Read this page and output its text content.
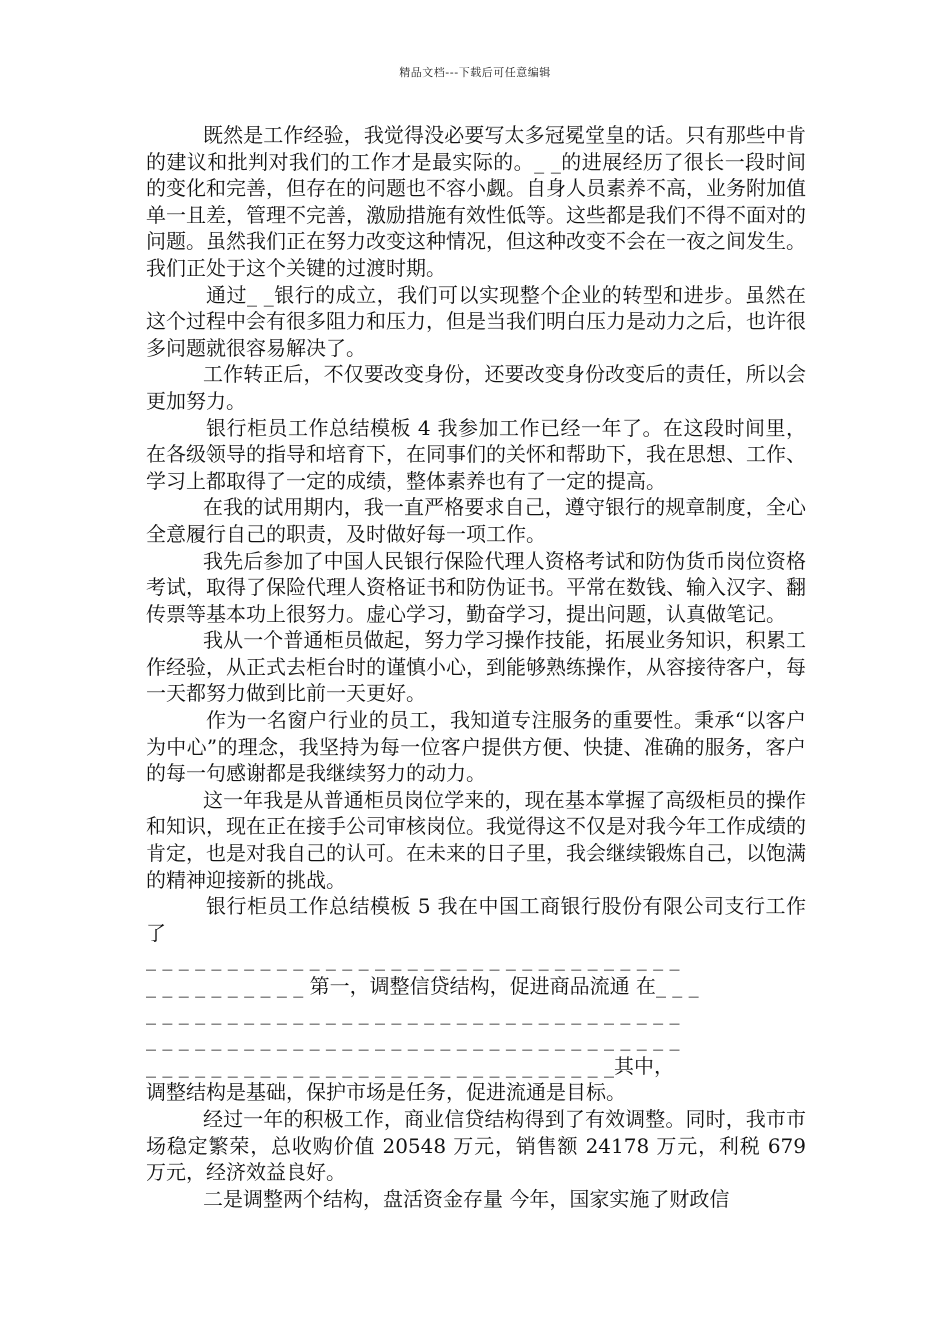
精品文档---下载后可任意编辑

既然是工作经验，我觉得没必要写太多冠冕堂皇的话。只有那些中肯的建议和批判对我们的工作才是最实际的。_ _的进展经历了很长一段时间的变化和完善，但存在的问题也不容小觑。自身人员素养不高，业务附加值单一且差，管理不完善，激励措施有效性低等。这些都是我们不得不面对的问题。虽然我们正在努力改变这种情况，但这种改变不会在一夜之间发生。我们正处于这个关键的过渡时期。

通过_ _银行的成立，我们可以实现整个企业的转型和进步。虽然在这个过程中会有很多阻力和压力，但是当我们明白压力是动力之后，也许很多问题就很容易解决了。

工作转正后，不仅要改变身份，还要改变身份改变后的责任，所以会更加努力。

银行柜员工作总结模板 4 我参加工作已经一年了。在这段时间里，在各级领导的指导和培育下，在同事们的关怀和帮助下，我在思想、工作、学习上都取得了一定的成绩，整体素养也有了一定的提高。

在我的试用期内，我一直严格要求自己，遵守银行的规章制度，全心全意履行自己的职责，及时做好每一项工作。

我先后参加了中国人民银行保险代理人资格考试和防伪货币岗位资格考试，取得了保险代理人资格证书和防伪证书。平常在数钱、输入汉字、翻传票等基本功上很努力。虚心学习，勤奋学习，提出问题，认真做笔记。

我从一个普通柜员做起，努力学习操作技能，拓展业务知识，积累工作经验，从正式去柜台时的谨慎小心，到能够熟练操作，从容接待客户，每一天都努力做到比前一天更好。

作为一名窗户行业的员工，我知道专注服务的重要性。秉承“以客户为中心”的理念，我坚持为每一位客户提供方便、快捷、准确的服务，客户的每一句感谢都是我继续努力的动力。

这一年我是从普通柜员岗位学来的，现在基本掌握了高级柜员的操作和知识，现在正在接手公司审核岗位。我觉得这不仅是对我今年工作成绩的肯定，也是对我自己的认可。在未来的日子里，我会继续锻炼自己，以饱满的精神迎接新的挑战。

银行柜员工作总结模板 5 我在中国工商银行股份有限公司支行工作了

_ _ _ _ _ _ _ _ _ _ _ _ _ _ _ _ _ _ _ _ _ _ _ _ _ _ _ _ _ _ _ _ _

_ _ _ _ _ _ _ _ _ _ 第一，调整信贷结构，促进商品流通 在_ _ _

_ _ _ _ _ _ _ _ _ _ _ _ _ _ _ _ _ _ _ _ _ _ _ _ _ _ _ _ _ _ _ _ _

_ _ _ _ _ _ _ _ _ _ _ _ _ _ _ _ _ _ _ _ _ _ _ _ _ _ _ _ _ _ _ _ _

_ _ _ _ _ _ _ _ _ _ _ _ _ _ _ _ _ _ _ _ _ _ _ _ _ _ _ _ _其中，

调整结构是基础，保护市场是任务，促进流通是目标。

经过一年的积极工作，商业信贷结构得到了有效调整。同时，我市市场稳定繁荣，总收购价值 20548 万元，销售额 24178 万元，利税 679 万元，经济效益良好。

二是调整两个结构，盘活资金存量 今年，国家实施了财政信
